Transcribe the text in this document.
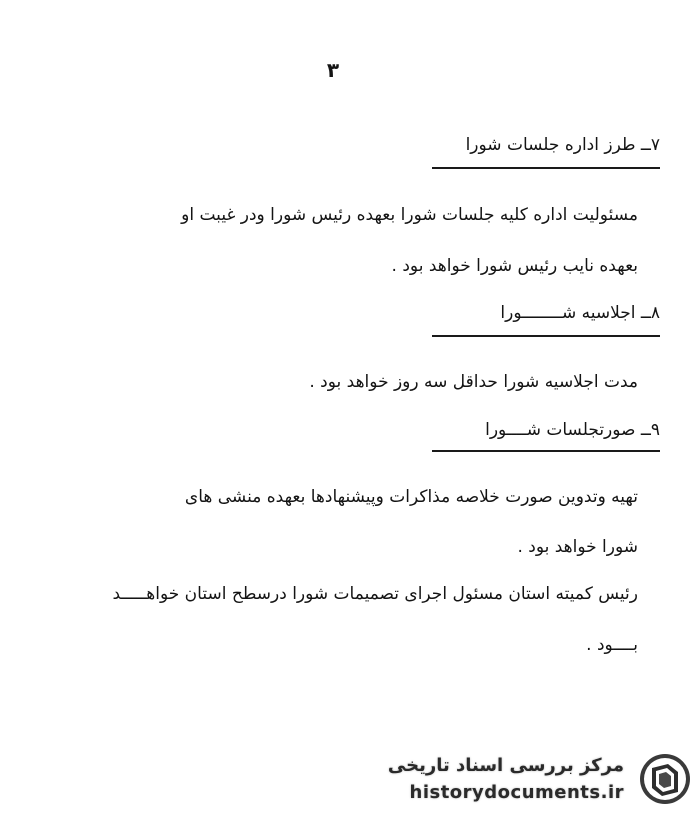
۳
۷ــ طرز اداره جلسات شورا
مسئولیت اداره کلیه جلسات شورا بعهده رئیس شورا ودر غیبت او
بعهده نایب رئیس شورا خواهد بود .
۸ــ اجلاسیه شــــــــورا
مدت اجلاسیه شورا حداقل سه روز خواهد بود .
۹ــ صورتجلسات شــــورا
تهیه وتدوین صورت خلاصه مذاکرات وپیشنهادها بعهده منشی های
شورا خواهد بود .
رئیس کمیته استان مسئول اجرای تصمیمات شورا درسطح استان خواهـــــد
بــــود .
مرکز بررسی اسناد تاریخی
historydocuments.ir
